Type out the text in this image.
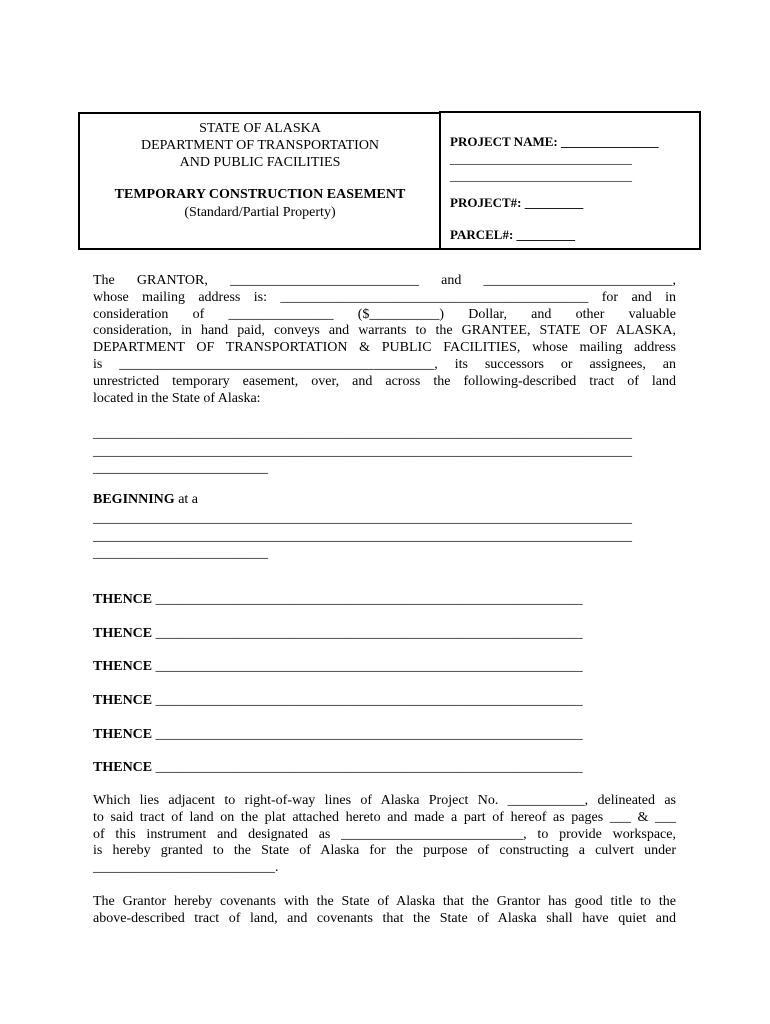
STATE OF ALASKA
DEPARTMENT OF TRANSPORTATION
AND PUBLIC FACILITIES
TEMPORARY CONSTRUCTION EASEMENT
(Standard/Partial Property)
PROJECT NAME: _______________
____________________________
____________________________
PROJECT#: _________
PARCEL#: _________
The GRANTOR, ___________________________ and ___________________________,
whose mailing address is: ____________________________________________ for and in
consideration of _______________ ($__________) Dollar, and other valuable
consideration, in hand paid, conveys and warrants to the GRANTEE, STATE OF ALASKA,
DEPARTMENT OF TRANSPORTATION & PUBLIC FACILITIES, whose mailing address
is _____________________________________________, its successors or assignees, an
unrestricted temporary easement, over, and across the following-described tract of land
located in the State of Alaska:
_____________________________________________________________________________
_____________________________________________________________________________
_________________________
BEGINNING at a
_____________________________________________________________________________
_____________________________________________________________________________
_________________________
THENCE _____________________________________________________________
THENCE _____________________________________________________________
THENCE _____________________________________________________________
THENCE _____________________________________________________________
THENCE _____________________________________________________________
THENCE _____________________________________________________________
Which lies adjacent to right-of-way lines of Alaska Project No. ___________, delineated as
to said tract of land on the plat attached hereto and made a part of hereof as pages ___ & ___
of this instrument and designated as __________________________, to provide workspace,
is hereby granted to the State of Alaska for the purpose of constructing a culvert under
__________________________.
The Grantor hereby covenants with the State of Alaska that the Grantor has good title to the
above-described tract of land, and covenants that the State of Alaska shall have quiet and
